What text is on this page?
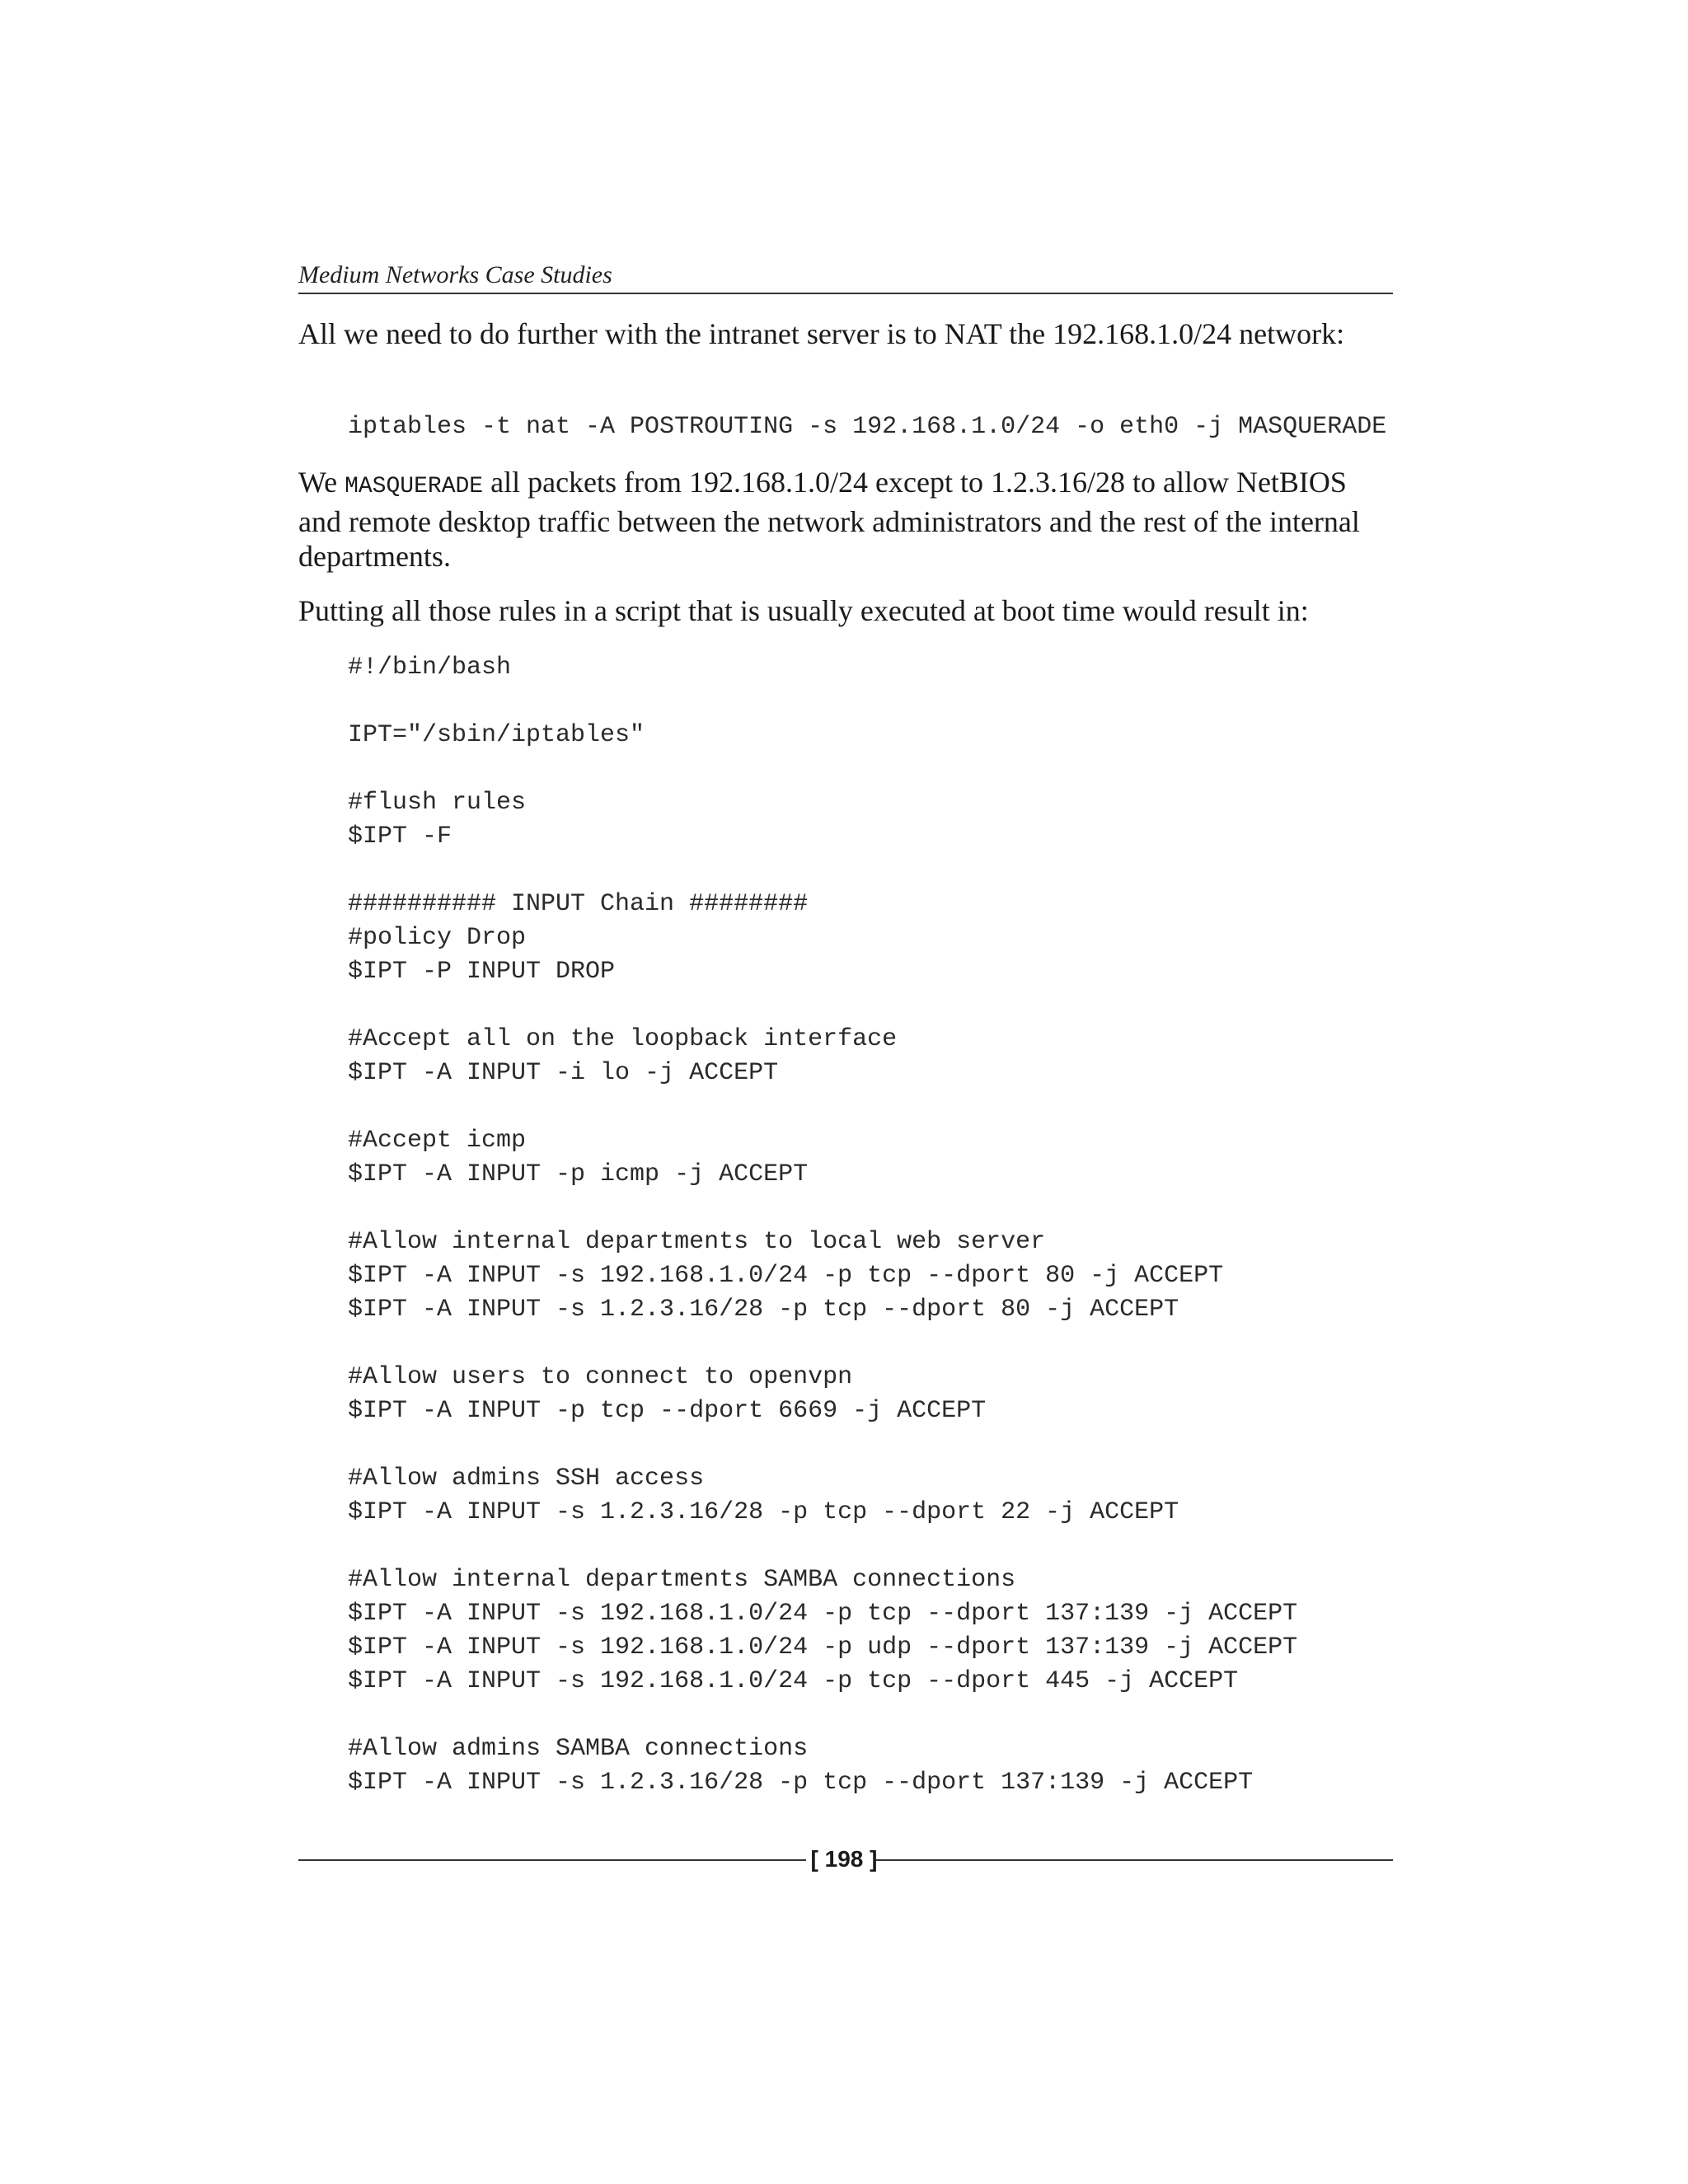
Medium Networks Case Studies
All we need to do further with the intranet server is to NAT the 192.168.1.0/24 network:
iptables -t nat -A POSTROUTING -s 192.168.1.0/24 -o eth0 -j MASQUERADE
We MASQUERADE all packets from 192.168.1.0/24 except to 1.2.3.16/28 to allow NetBIOS and remote desktop traffic between the network administrators and the rest of the internal departments.
Putting all those rules in a script that is usually executed at boot time would result in:
#!/bin/bash
IPT="/sbin/iptables"
#flush rules
$IPT -F
########## INPUT Chain ########
#policy Drop
$IPT -P INPUT DROP
#Accept all on the loopback interface
$IPT -A INPUT -i lo -j ACCEPT
#Accept icmp
$IPT -A INPUT -p icmp -j ACCEPT
#Allow internal departments to local web server
$IPT -A INPUT -s 192.168.1.0/24 -p tcp --dport 80 -j ACCEPT
$IPT -A INPUT -s 1.2.3.16/28 -p tcp --dport 80 -j ACCEPT
#Allow users to connect to openvpn
$IPT -A INPUT -p tcp --dport 6669 -j ACCEPT
#Allow admins SSH access
$IPT -A INPUT -s 1.2.3.16/28 -p tcp --dport 22 -j ACCEPT
#Allow internal departments SAMBA connections
$IPT -A INPUT -s 192.168.1.0/24 -p tcp --dport 137:139 -j ACCEPT
$IPT -A INPUT -s 192.168.1.0/24 -p udp --dport 137:139 -j ACCEPT
$IPT -A INPUT -s 192.168.1.0/24 -p tcp --dport 445 -j ACCEPT
#Allow admins SAMBA connections
$IPT -A INPUT -s 1.2.3.16/28 -p tcp --dport 137:139 -j ACCEPT
[ 198 ]
